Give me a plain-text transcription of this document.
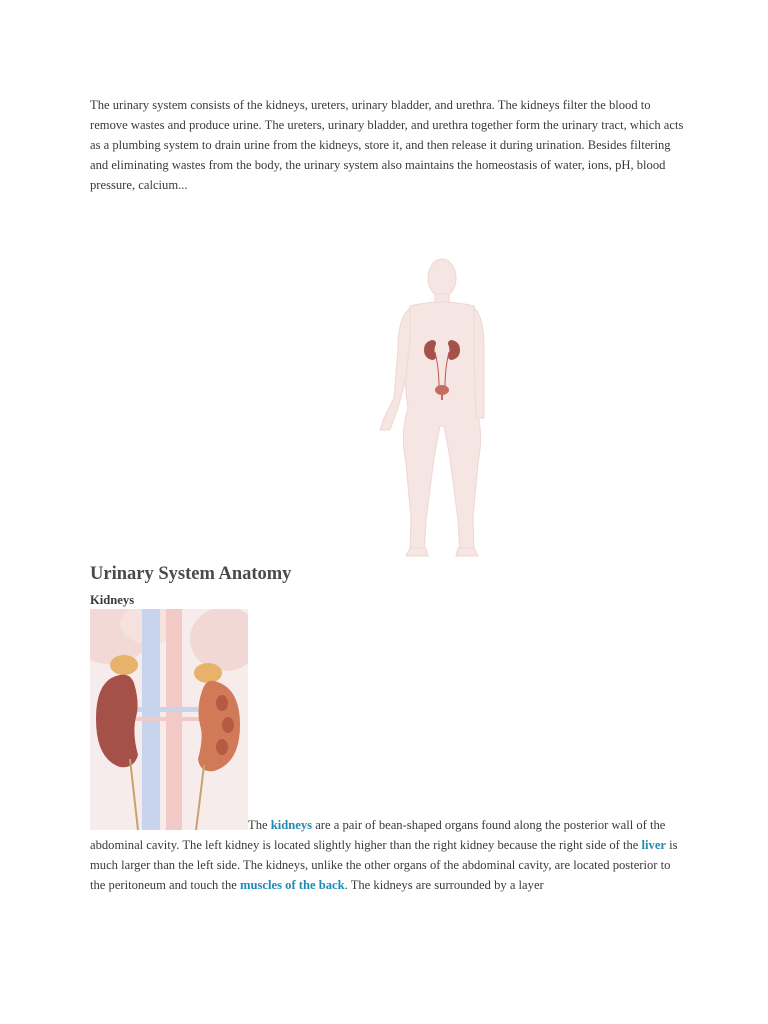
The urinary system consists of the kidneys, ureters, urinary bladder, and urethra. The kidneys filter the blood to remove wastes and produce urine. The ureters, urinary bladder, and urethra together form the urinary tract, which acts as a plumbing system to drain urine from the kidneys, store it, and then release it during urination. Besides filtering and eliminating wastes from the body, the urinary system also maintains the homeostasis of water, ions, pH, blood pressure, calcium...

Urinary System Anatomy
Kidneys

The kidneys are a pair of bean-shaped organs found along the posterior wall of the abdominal cavity. The left kidney is located slightly higher than the right kidney because the right side of the liver is much larger than the left side. The kidneys, unlike the other organs of the abdominal cavity, are located posterior to the peritoneum and touch the muscles of the back. The kidneys are surrounded by a layer
